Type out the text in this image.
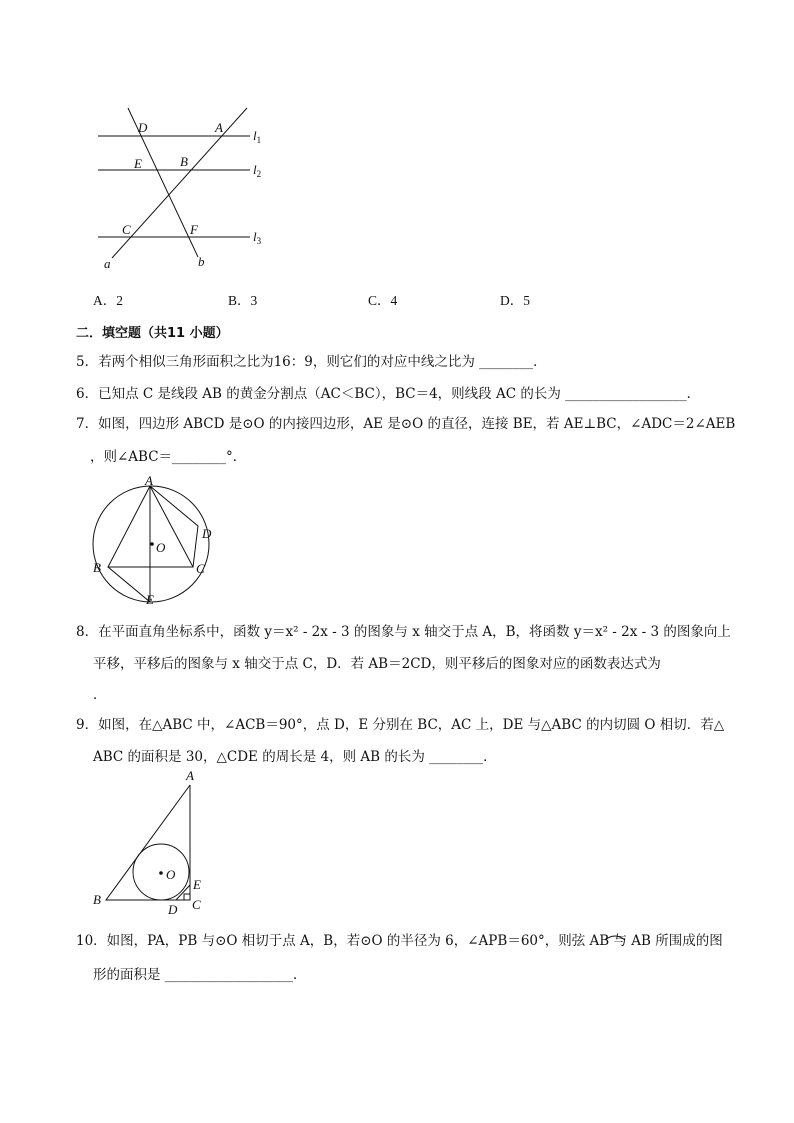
D	A
$l_1$
E	B
$l_2$
C	F	$l_3$
a	b
A．2	B．3	C．4	D．5
二．填空题（共11 小题）
5．若两个相似三角形面积之比为16：9，则它们的对应中线之比为 ________．
6．已知点 C 是线段 AB 的黄金分割点（AC＜BC），BC＝4，则线段 AC 的长为 __________________．
7．如图，四边形 ABCD 是⊙O 的内接四边形，AE 是⊙O 的直径，连接 BE，若 AE⊥BC，∠ADC＝2∠AEB
，则∠ABC＝________°．
A
D
O
B	C
E
8．在平面直角坐标系中，函数 y＝x² - 2x - 3 的图象与 x 轴交于点 A，B，将函数 y＝x² - 2x - 3 的图象向上
平移，平移后的图象与 x 轴交于点 C，D．若 AB＝2CD，则平移后的图象对应的函数表达式为
．
9．如图，在△ABC 中，∠ACB＝90°，点 D，E 分别在 BC，AC 上，DE 与△ABC 的内切圆 O 相切．若△
ABC 的面积是 30，△CDE 的周长是 4，则 AB 的长为 ________．
A
O
E
B
D C
10．如图，PA，PB 与⊙O 相切于点 A，B，若⊙O 的半径为 6，∠APB＝60°，则弦 AB 与 AB 所围成的图
形的面积是 ___________________．
